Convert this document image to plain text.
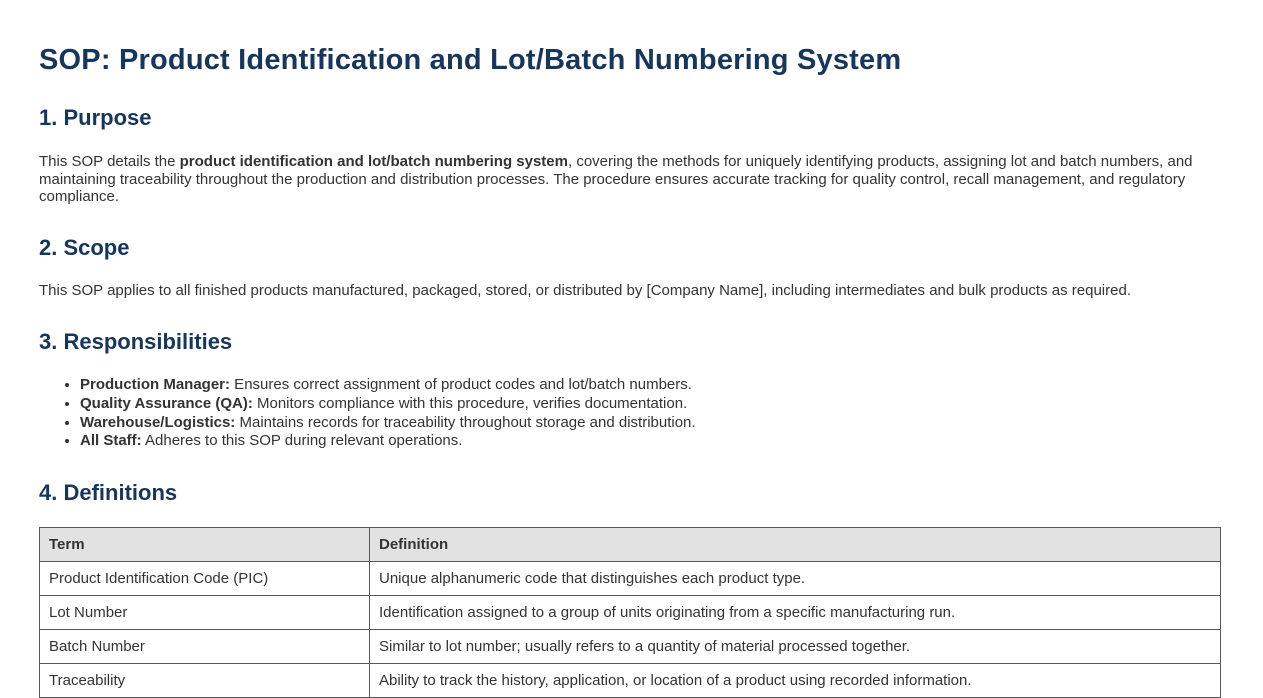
SOP: Product Identification and Lot/Batch Numbering System
1. Purpose

This SOP details the product identification and lot/batch numbering system, covering the methods for uniquely identifying products, assigning lot and batch numbers, and maintaining traceability throughout the production and distribution processes. The procedure ensures accurate tracking for quality control, recall management, and regulatory compliance.

2. Scope

This SOP applies to all finished products manufactured, packaged, stored, or distributed by [Company Name], including intermediates and bulk products as required.

3. Responsibilities
• Production Manager: Ensures correct assignment of product codes and lot/batch numbers.
• Quality Assurance (QA): Monitors compliance with this procedure, verifies documentation.
• Warehouse/Logistics: Maintains records for traceability throughout storage and distribution.
• All Staff: Adheres to this SOP during relevant operations.
4. Definitions
Term	Definition
Product Identification Code (PIC)	Unique alphanumeric code that distinguishes each product type.
Lot Number	Identification assigned to a group of units originating from a specific manufacturing run.
Batch Number	Similar to lot number; usually refers to a quantity of material processed together.
Traceability	Ability to track the history, application, or location of a product using recorded information.
